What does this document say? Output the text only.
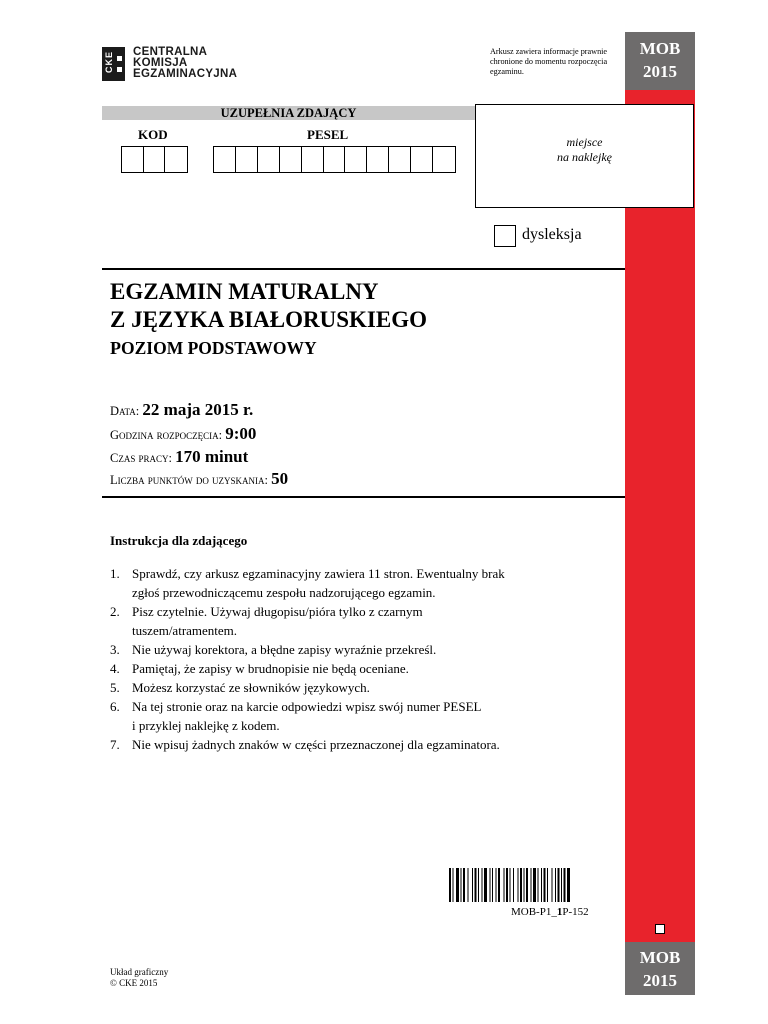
CKE CENTRALNA
KOMISJA
EGZAMINACYJNA
Arkusz zawiera informacje prawnie chronione do momentu rozpoczęcia egzaminu.
MOB
2015
MOB
2015
UZUPEŁNIA ZDAJĄCY
KOD	PESEL	miejsce
na naklejkę
dysleksja
EGZAMIN MATURALNY
Z JĘZYKA BIAŁORUSKIEGO
POZIOM PODSTAWOWY
Data: 22 maja 2015 r.
Godzina rozpoczęcia: 9:00
Czas pracy: 170 minut
Liczba punktów do uzyskania: 50
Instrukcja dla zdającego
1. Sprawdź, czy arkusz egzaminacyjny zawiera 11 stron. Ewentualny brak
zgłoś przewodniczącemu zespołu nadzorującego egzamin.
2. Pisz czytelnie. Używaj długopisu/pióra tylko z czarnym
tuszem/atramentem.
3. Nie używaj korektora, a błędne zapisy wyraźnie przekreśl.
4. Pamiętaj, że zapisy w brudnopisie nie będą oceniane.
5. Możesz korzystać ze słowników językowych.
6. Na tej stronie oraz na karcie odpowiedzi wpisz swój numer PESEL
i przyklej naklejkę z kodem.
7. Nie wpisuj żadnych znaków w części przeznaczonej dla egzaminatora.
MOB-P1_1P-152
Układ graficzny
© CKE 2015
